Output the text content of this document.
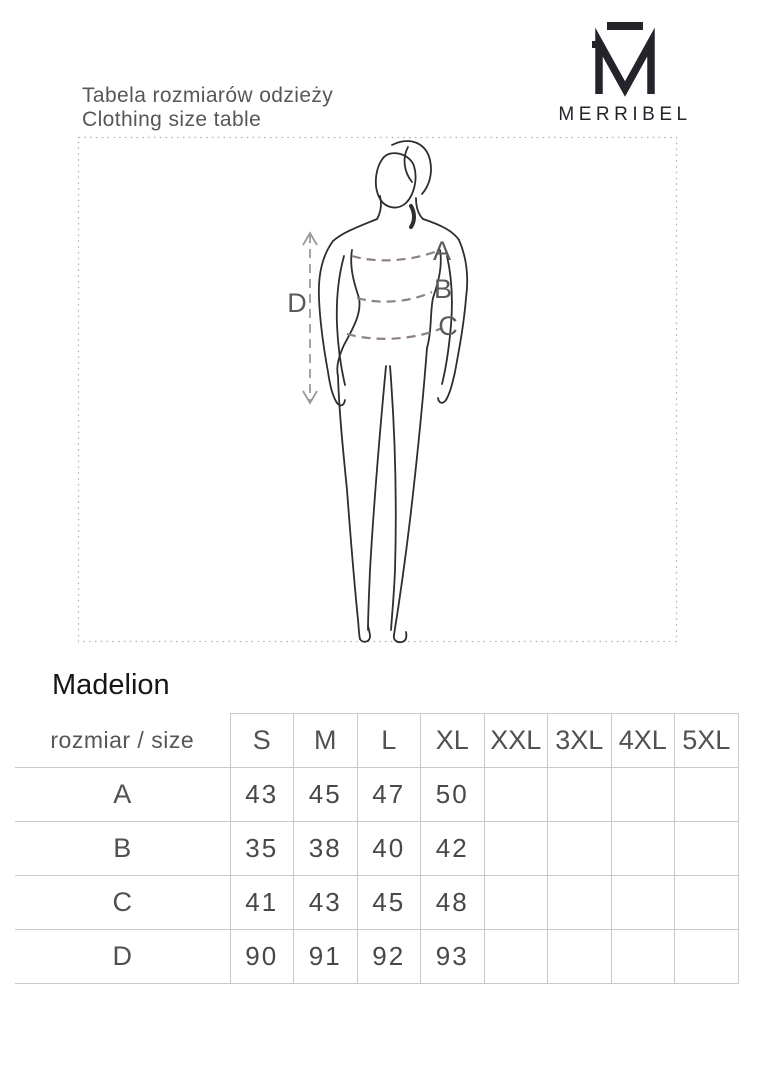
Tabela rozmiarów odzieży
Clothing size table	MERRIBEL
A
B
C
D
Madelion
rozmiar / size	S	M	L	XL	XXL	3XL	4XL	5XL
A	43	45	47	50				
B	35	38	40	42				
C	41	43	45	48				
D	90	91	92	93				
